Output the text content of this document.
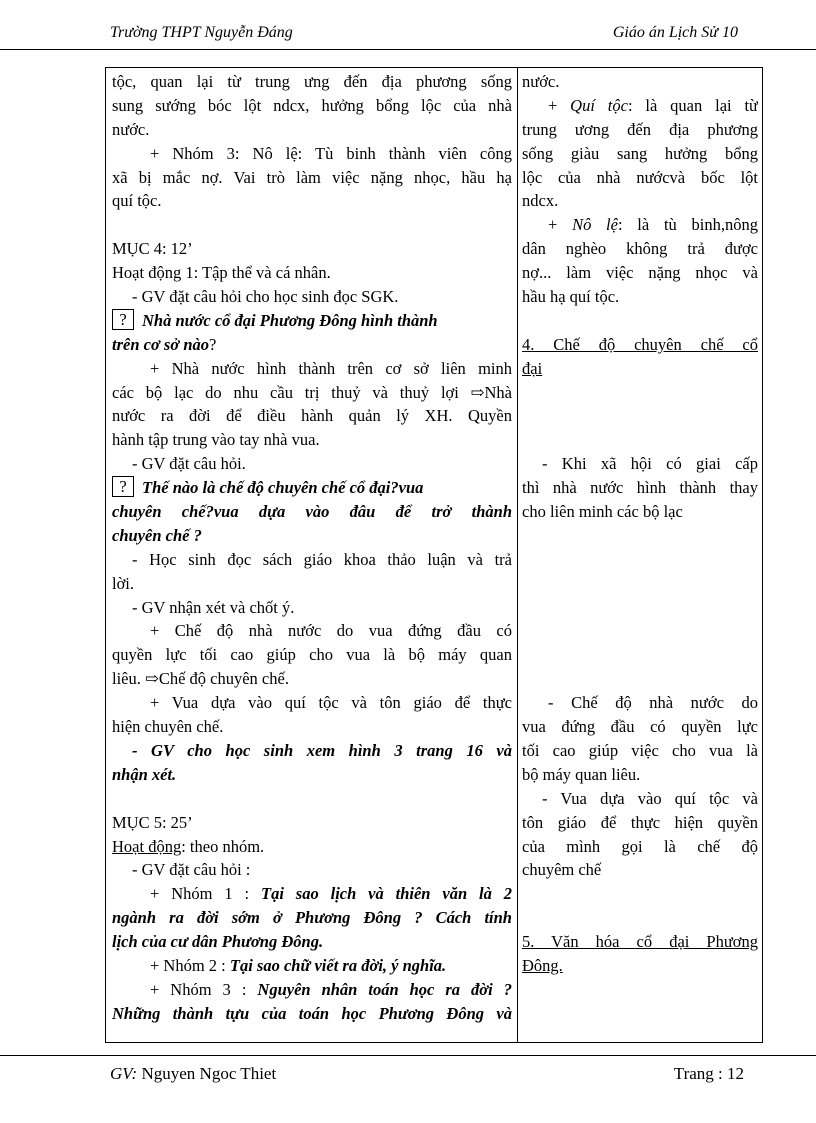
Trường THPT Nguyễn Đáng	Giáo án Lịch Sử 10
tộc, quan lại từ trung ưng đến địa phương sống
sung sướng bóc lột ndcx, hưởng bổng lộc của nhà
nước.
+ Nhóm 3: Nô lệ: Tù binh thành viên công
xã bị mắc nợ. Vai trò làm việc nặng nhọc, hầu hạ
quí tộc.
MỤC 4: 12’
Hoạt động 1: Tập thể và cá nhân.
- GV đặt câu hỏi cho học sinh đọc SGK.
? Nhà nước cổ đại Phương Đông hình thành
trên cơ sở nào?
+ Nhà nước hình thành trên cơ sở liên minh
các bộ lạc do nhu cầu trị thuỷ và thuỷ lợi ⇨Nhà
nước ra đời để điều hành quản lý XH. Quyền
hành tập trung vào tay nhà vua.
- GV đặt câu hỏi.
? Thế nào là chế độ chuyên chế cổ đại?vua
chuyên chế?vua dựa vào đâu để trở thành
chuyên chế ?
- Học sinh đọc sách giáo khoa thảo luận và trả
lời.
- GV nhận xét và chốt ý.
+ Chế độ nhà nước do vua đứng đầu có
quyền lực tối cao giúp cho vua là bộ máy quan
liêu. ⇨Chế độ chuyên chế.
+ Vua dựa vào quí tộc và tôn giáo để thực
hiện chuyên chế.
- GV cho học sinh xem hình 3 trang 16 và
nhận xét.
MỤC 5: 25’
Hoạt động: theo nhóm.
- GV đặt câu hỏi :
+ Nhóm 1 : Tại sao lịch và thiên văn là 2
ngành ra đời sớm ở Phương Đông ? Cách tính
lịch của cư dân Phương Đông.
+ Nhóm 2 : Tại sao chữ viết ra đời, ý nghĩa.
+ Nhóm 3 : Nguyên nhân toán học ra đời ?
Những thành tựu của toán học Phương Đông và
nước.
+ Quí tộc: là quan lại từ
trung ương đến địa phương
sống giàu sang hưởng bổng
lộc của nhà nướcvà bốc lột
ndcx.
+ Nô lệ: là tù binh,nông
dân nghèo không trả được
nợ... làm việc nặng nhọc và
hầu hạ quí tộc.
4. Chế độ chuyên chế cổ
đại
- Khi xã hội có giai cấp
thì nhà nước hình thành thay
cho liên minh các bộ lạc
- Chế độ nhà nước do
vua đứng đầu có quyền lực
tối cao giúp việc cho vua là
bộ máy quan liêu.
- Vua dựa vào quí tộc và
tôn giáo để thực hiện quyền
của mình gọi là chế độ
chuyêm chế
5. Văn hóa cổ đại Phương
Đông.
GV: Nguyen Ngoc Thiet	Trang : 12
